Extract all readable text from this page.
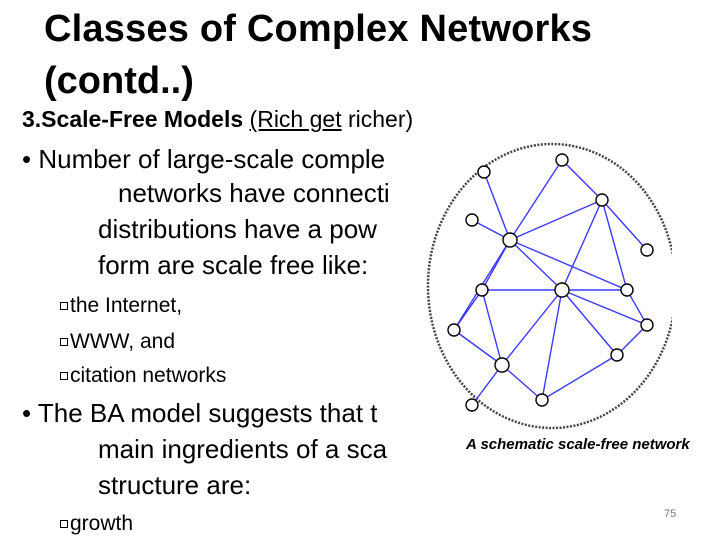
Classes of Complex Networks
(contd..)
3.Scale-Free Models (Rich get richer)
• Number of large-scale comple
networks have connecti
distributions have a pow
form are scale free like:
the Internet,
WWW, and
citation networks
• The BA model suggests that t
main ingredients of a sca
structure are:
growth
A schematic scale-free network
75
